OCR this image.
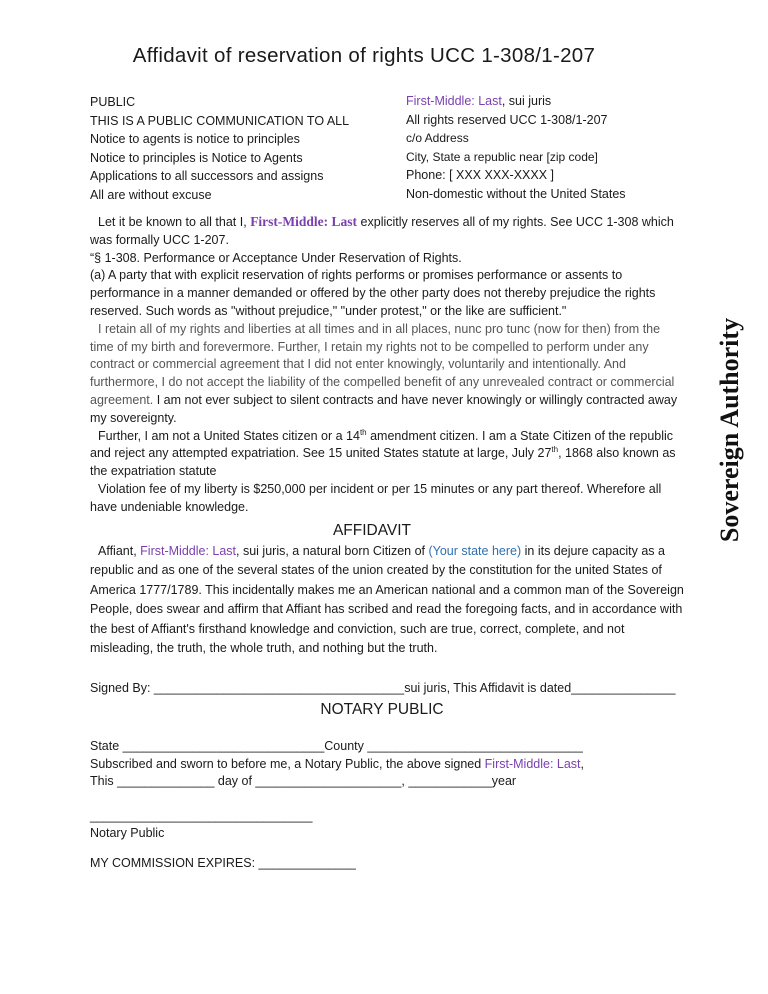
Affidavit of reservation of rights UCC 1-308/1-207
PUBLIC
THIS IS A PUBLIC COMMUNICATION TO ALL
Notice to agents is notice to principles
Notice to principles is Notice to Agents
Applications to all successors and assigns
All are without excuse
First-Middle: Last, sui juris
All rights reserved UCC 1-308/1-207
c/o Address
City, State a republic near [zip code]
Phone: [ XXX XXX-XXXX ]
Non-domestic without the United States
Let it be known to all that I, First-Middle: Last explicitly reserves all of my rights. See UCC 1-308 which was formally UCC 1-207.
“§ 1-308. Performance or Acceptance Under Reservation of Rights.
(a) A party that with explicit reservation of rights performs or promises performance or assents to performance in a manner demanded or offered by the other party does not thereby prejudice the rights reserved. Such words as "without prejudice," "under protest," or the like are sufficient."
I retain all of my rights and liberties at all times and in all places, nunc pro tunc (now for then) from the time of my birth and forevermore. Further, I retain my rights not to be compelled to perform under any contract or commercial agreement that I did not enter knowingly, voluntarily and intentionally. And furthermore, I do not accept the liability of the compelled benefit of any unrevealed contract or commercial agreement. I am not ever subject to silent contracts and have never knowingly or willingly contracted away my sovereignty.
Further, I am not a United States citizen or a 14th amendment citizen. I am a State Citizen of the republic and reject any attempted expatriation. See 15 united States statute at large, July 27th, 1868 also known as the expatriation statute
Violation fee of my liberty is $250,000 per incident or per 15 minutes or any part thereof. Wherefore all have undeniable knowledge.
AFFIDAVIT
Affiant, First-Middle: Last, sui juris, a natural born Citizen of (Your state here) in its dejure capacity as a republic and as one of the several states of the union created by the constitution for the united States of America 1777/1789. This incidentally makes me an American national and a common man of the Sovereign People, does swear and affirm that Affiant has scribed and read the foregoing facts, and in accordance with the best of Affiant's firsthand knowledge and conviction, such are true, correct, complete, and not misleading, the truth, the whole truth, and nothing but the truth.
Signed By: ____________________________________sui juris, This Affidavit is dated_______________
NOTARY PUBLIC
State _____________________________County _______________________________
Subscribed and sworn to before me, a Notary Public, the above signed First-Middle: Last,
This ______________ day of _____________________, ____________year
________________________________
Notary Public
MY COMMISSION EXPIRES: ______________
Sovereign Authority
